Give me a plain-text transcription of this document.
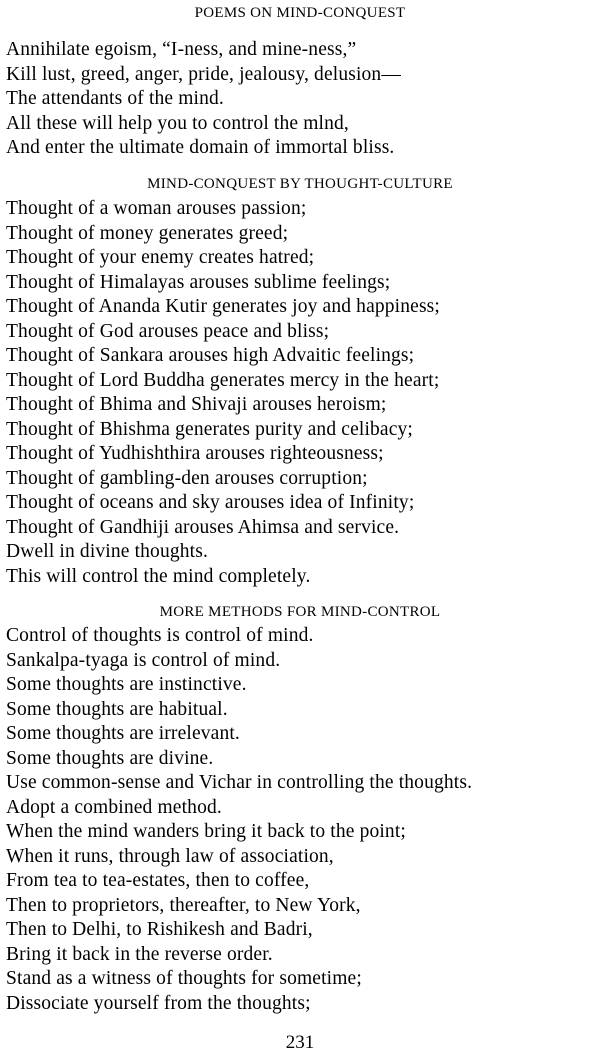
POEMS ON MIND-CONQUEST
Annihilate egoism, “I-ness, and mine-ness,”
Kill lust, greed, anger, pride, jealousy, delusion—
The attendants of the mind.
All these will help you to control the mlnd,
And enter the ultimate domain of immortal bliss.
MIND-CONQUEST BY THOUGHT-CULTURE
Thought of a woman arouses passion;
Thought of money generates greed;
Thought of your enemy creates hatred;
Thought of Himalayas arouses sublime feelings;
Thought of Ananda Kutir generates joy and happiness;
Thought of God arouses peace and bliss;
Thought of Sankara arouses high Advaitic feelings;
Thought of Lord Buddha generates mercy in the heart;
Thought of Bhima and Shivaji arouses heroism;
Thought of Bhishma generates purity and celibacy;
Thought of Yudhishthira arouses righteousness;
Thought of gambling-den arouses corruption;
Thought of oceans and sky arouses idea of Infinity;
Thought of Gandhiji arouses Ahimsa and service.
Dwell in divine thoughts.
This will control the mind completely.
MORE METHODS FOR MIND-CONTROL
Control of thoughts is control of mind.
Sankalpa-tyaga is control of mind.
Some thoughts are instinctive.
Some thoughts are habitual.
Some thoughts are irrelevant.
Some thoughts are divine.
Use common-sense and Vichar in controlling the thoughts.
Adopt a combined method.
When the mind wanders bring it back to the point;
When it runs, through law of association,
From tea to tea-estates, then to coffee,
Then to proprietors, thereafter, to New York,
Then to Delhi, to Rishikesh and Badri,
Bring it back in the reverse order.
Stand as a witness of thoughts for sometime;
Dissociate yourself from the thoughts;
231
